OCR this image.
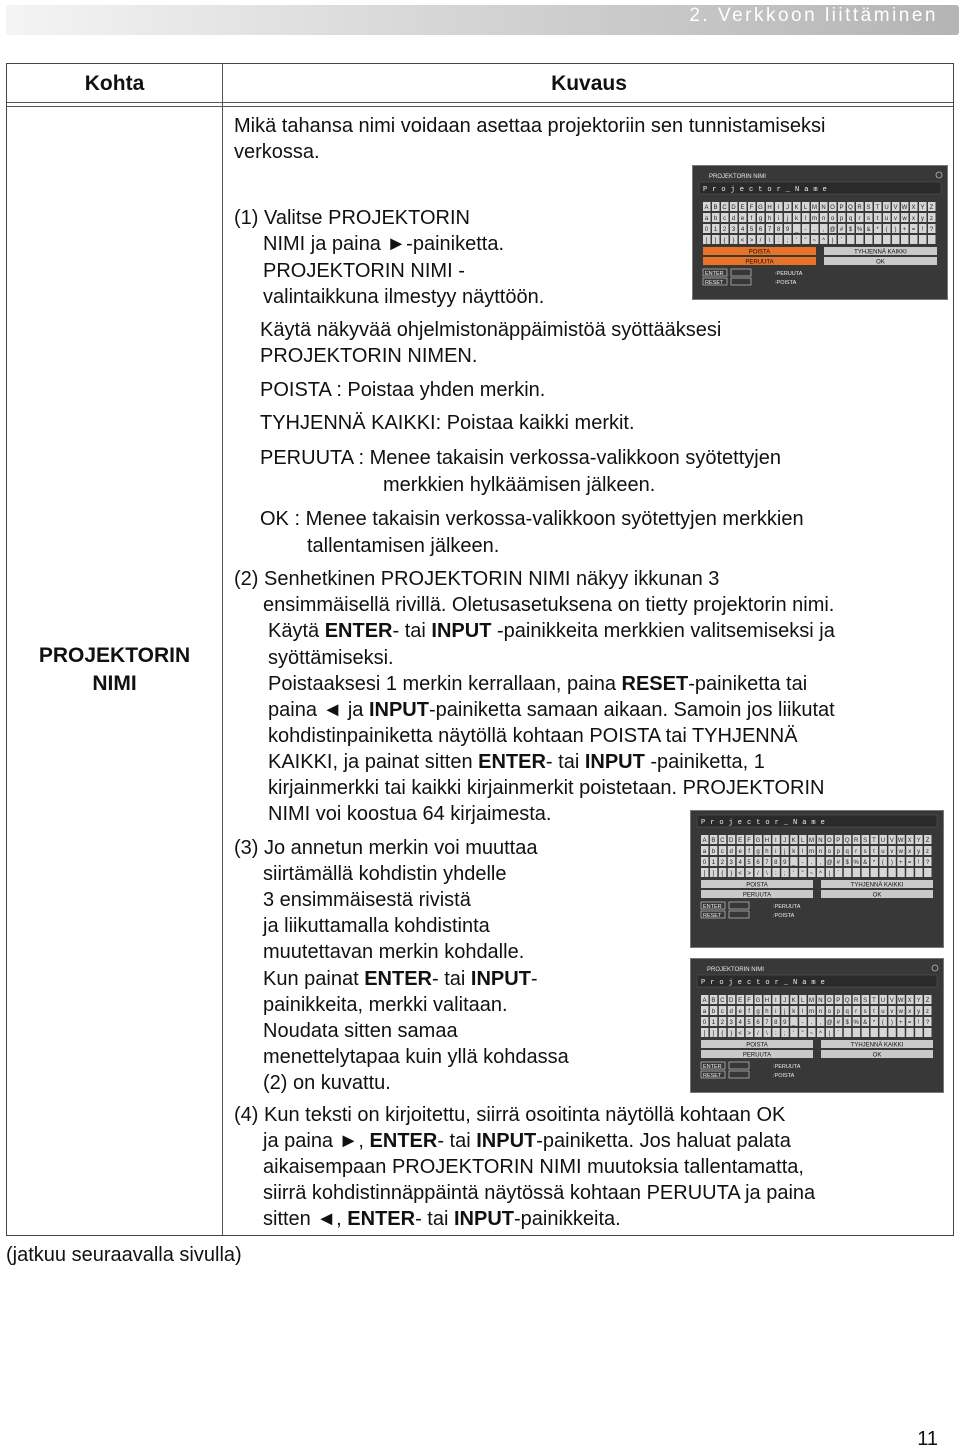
2. Verkkoon liittäminen
Kohta	Kuvaus
PROJEKTORIN
NIMI
Mikä tahansa nimi voidaan asettaa projektoriin sen tunnistamiseksi
verkossa.
(1) Valitse PROJEKTORIN
NIMI ja paina ►-painiketta.
PROJEKTORIN NIMI -
valintaikkuna ilmestyy näyttöön.
Käytä näkyvää ohjelmistonäppäimistöä syöttääksesi
PROJEKTORIN NIMEN.
POISTA : Poistaa yhden merkin.
TYHJENNÄ KAIKKI: Poistaa kaikki merkit.
PERUUTA : Menee takaisin verkossa-valikkoon syötettyjen
merkkien hylkäämisen jälkeen.
OK : Menee takaisin verkossa-valikkoon syötettyjen merkkien
tallentamisen jälkeen.
(2) Senhetkinen PROJEKTORIN NIMI näkyy ikkunan 3
ensimmäisellä rivillä. Oletusasetuksena on tietty projektorin nimi.
Käytä ENTER- tai INPUT -painikkeita merkkien valitsemiseksi ja
syöttämiseksi.
Poistaaksesi 1 merkin kerrallaan, paina RESET-painiketta tai
paina ◄ ja INPUT-painiketta samaan aikaan. Samoin jos liikutat
kohdistinpainiketta näytöllä kohtaan POISTA tai TYHJENNÄ
KAIKKI, ja painat sitten ENTER- tai INPUT -painiketta, 1
kirjainmerkki tai kaikki kirjainmerkit poistetaan. PROJEKTORIN
NIMI voi koostua 64 kirjaimesta.
(3) Jo annetun merkin voi muuttaa
siirtämällä kohdistin yhdelle
3 ensimmäisestä rivistä
ja liikuttamalla kohdistinta
muutettavan merkin kohdalle.
Kun painat ENTER- tai INPUT-
painikkeita, merkki valitaan.
Noudata sitten samaa
menettelytapaa kuin yllä kohdassa
(2) on kuvattu.
(4) Kun teksti on kirjoitettu, siirrä osoitinta näytöllä kohtaan OK
ja paina ►, ENTER- tai INPUT-painiketta. Jos haluat palata
aikaisempaan PROJEKTORIN NIMI muutoksia tallentamatta,
siirrä kohdistinnäppäintä näytössä kohtaan PERUUTA ja paina
sitten ◄, ENTER- tai INPUT-painikkeita.
PROJEKTORIN NIMI
Projector_Name
A B C D E F G H I J K L M N O P Q R S T U V W X Y Z
a b c d e f g h i j k l m n o p q r s t u v w x y z
0 1 2 3 4 5 6 7 8 9 _ - . , @ # $ % & * ( ) + = ! ?
[ ] { } < > / \ : ; ' " ~ ^ | `
POISTA	TYHJENNÄ KAIKKI
PERUUTA	OK
ENTER	:PERUUTA
RESET	:POISTA
Projector_Name
A B C D E F G H I J K L M N O P Q R S T U V W X Y Z
a b c d e f g h i j k l m n o p q r s t u v w x y z
0 1 2 3 4 5 6 7 8 9 _ - . , @ # $ % & * ( ) + = ! ?
[ ] { } < > / \ : ; ' " ~ ^ | `
POISTA	TYHJENNÄ KAIKKI
PERUUTA	OK
ENTER	:PERUUTA
RESET	:POISTA
PROJEKTORIN NIMI
Projector_Name
A B C D E F G H I J K L M N O P Q R S T U V W X Y Z
a b c d e f g h i j k l m n o p q r s t u v w x y z
0 1 2 3 4 5 6 7 8 9 _ - . , @ # $ % & * ( ) + = ! ?
[ ] { } < > / \ : ; ' " ~ ^ | `
POISTA	TYHJENNÄ KAIKKI
PERUUTA	OK
ENTER	:PERUUTA
RESET	:POISTA
(jatkuu seuraavalla sivulla)
11
